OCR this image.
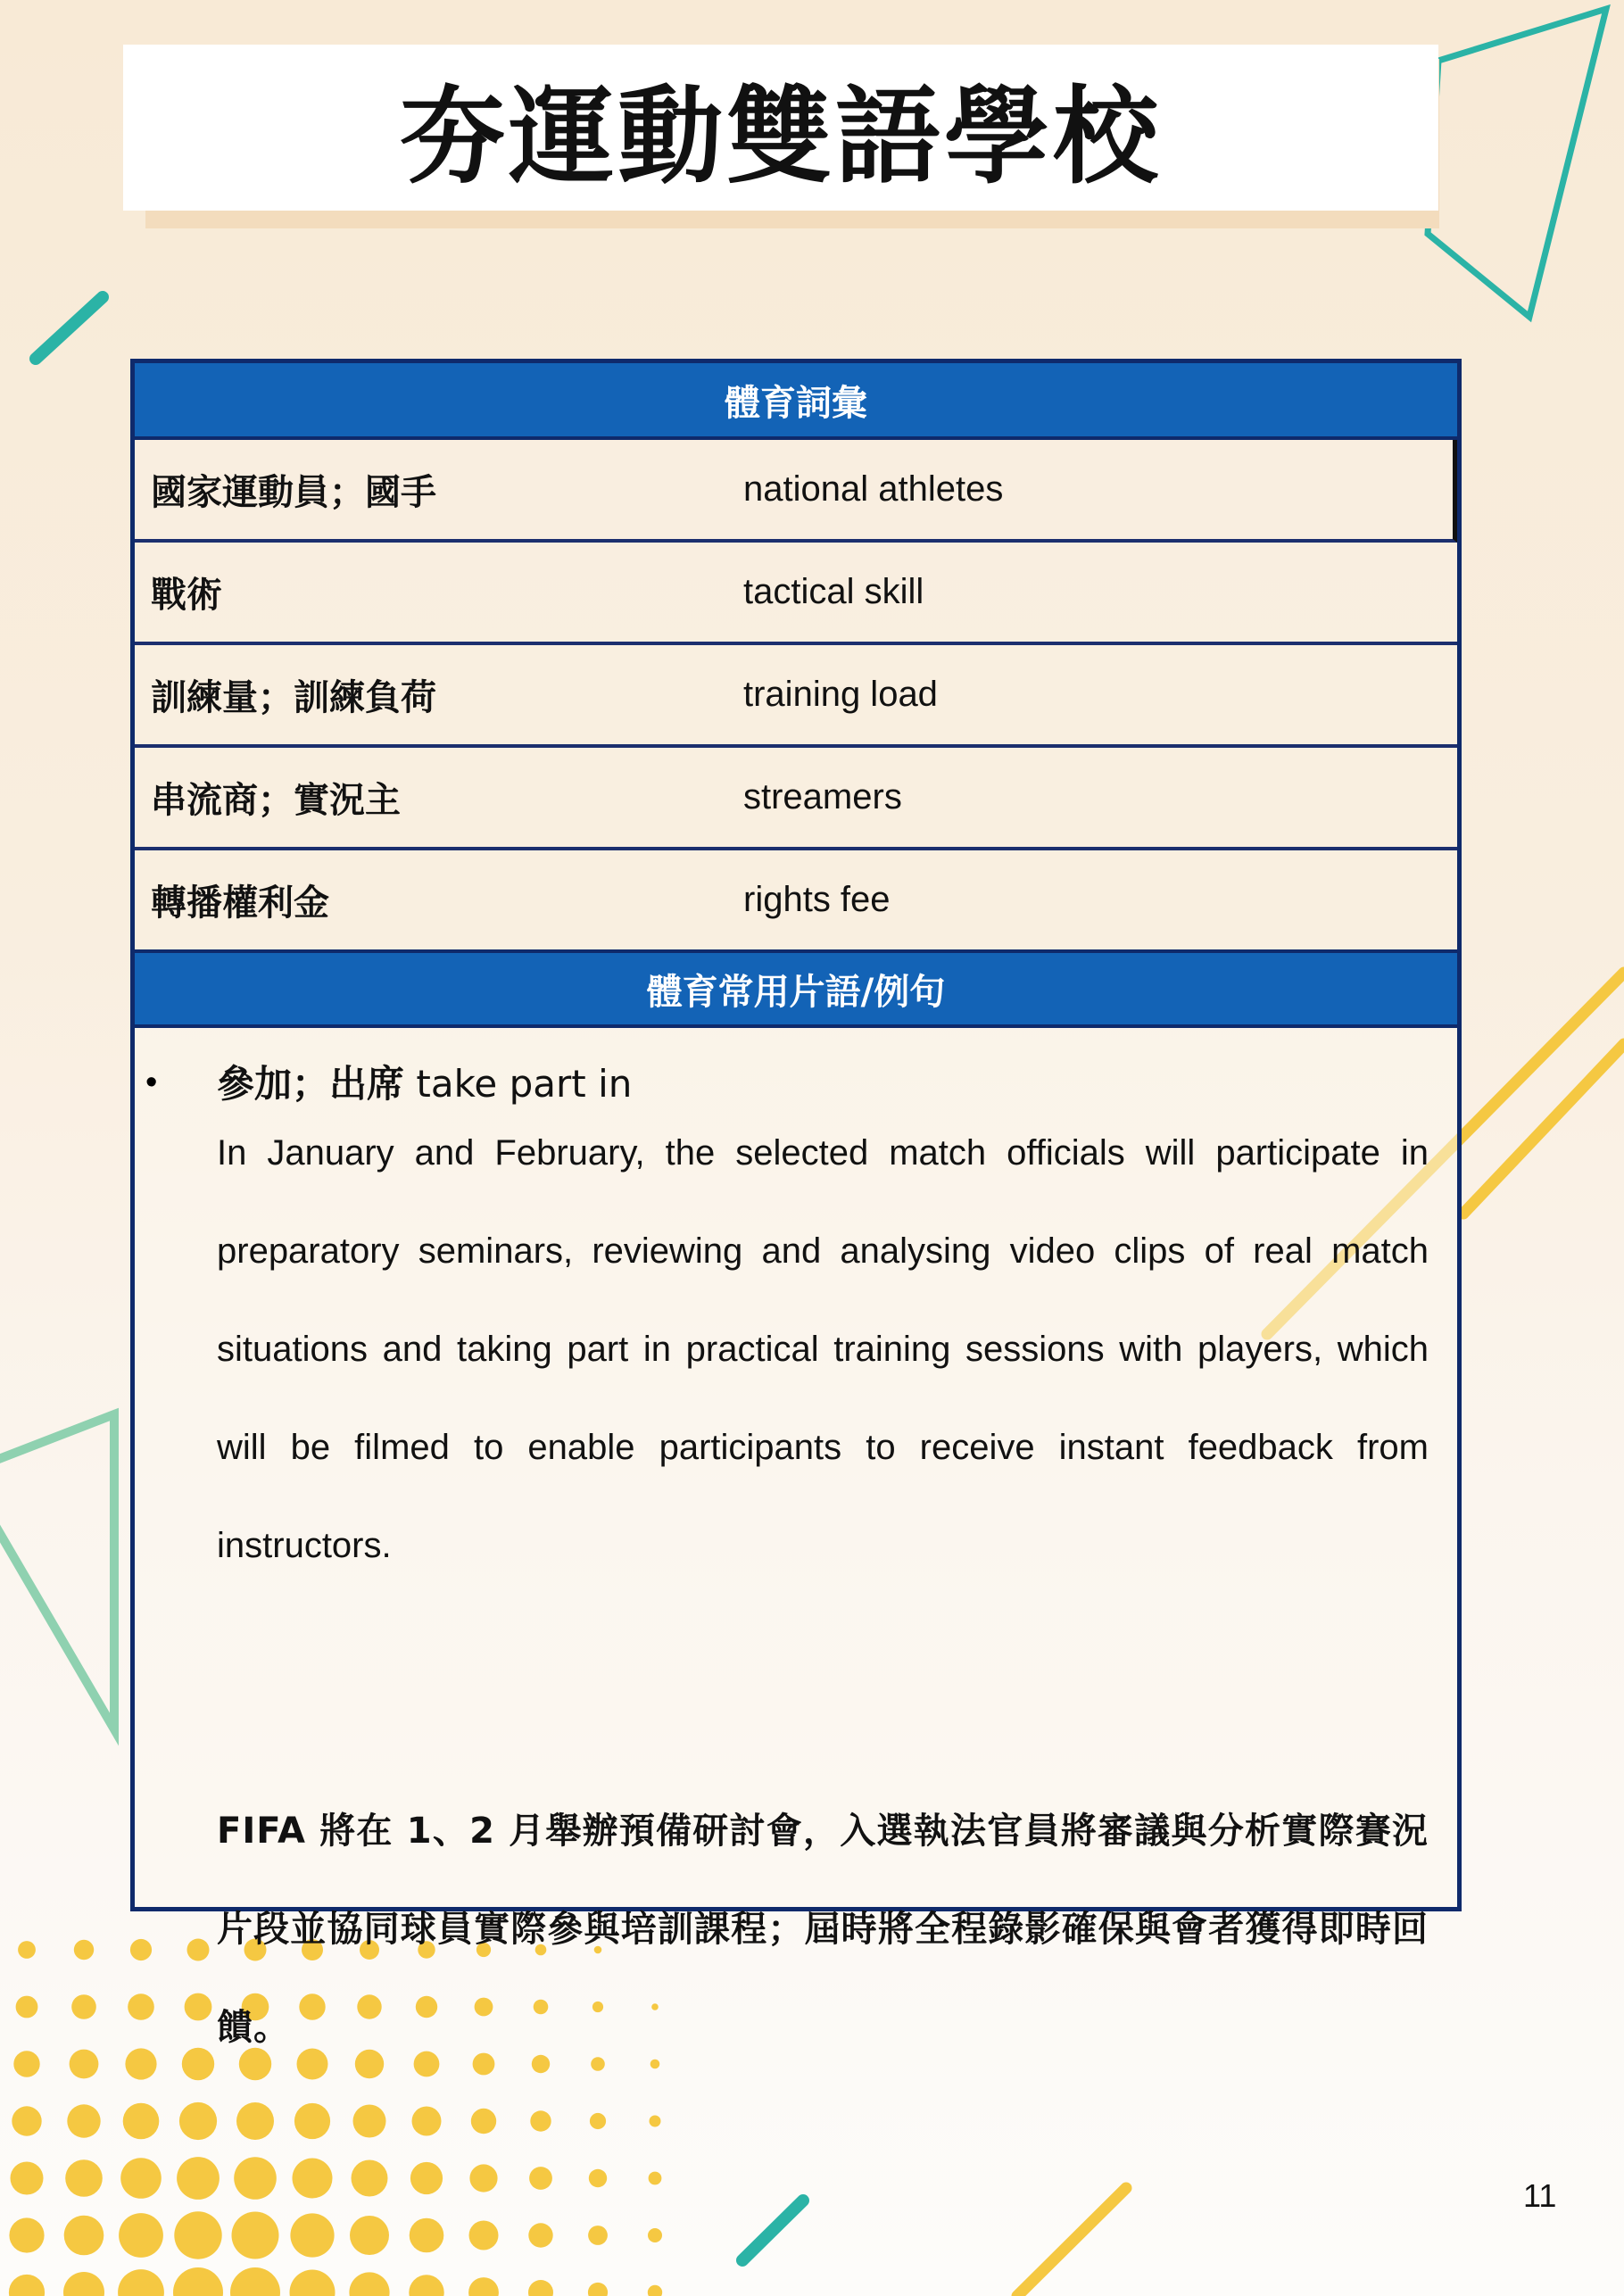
夯運動雙語學校
體育詞彙
國家運動員；國手	national athletes
戰術	tactical skill
訓練量；訓練負荷	training load
串流商；實況主	streamers
轉播權利金	rights fee
體育常用片語/例句
• 參加；出席 take part in

In January and February, the selected match officials will participate in preparatory seminars, reviewing and analysing video clips of real match situations and taking part in practical training sessions with players, which will be filmed to enable participants to receive instant feedback from instructors.

FIFA 將在 1、2 月舉辦預備研討會，入選執法官員將審議與分析實際賽況片段並協同球員實際參與培訓課程；屆時將全程錄影確保與會者獲得即時回饋。

11
